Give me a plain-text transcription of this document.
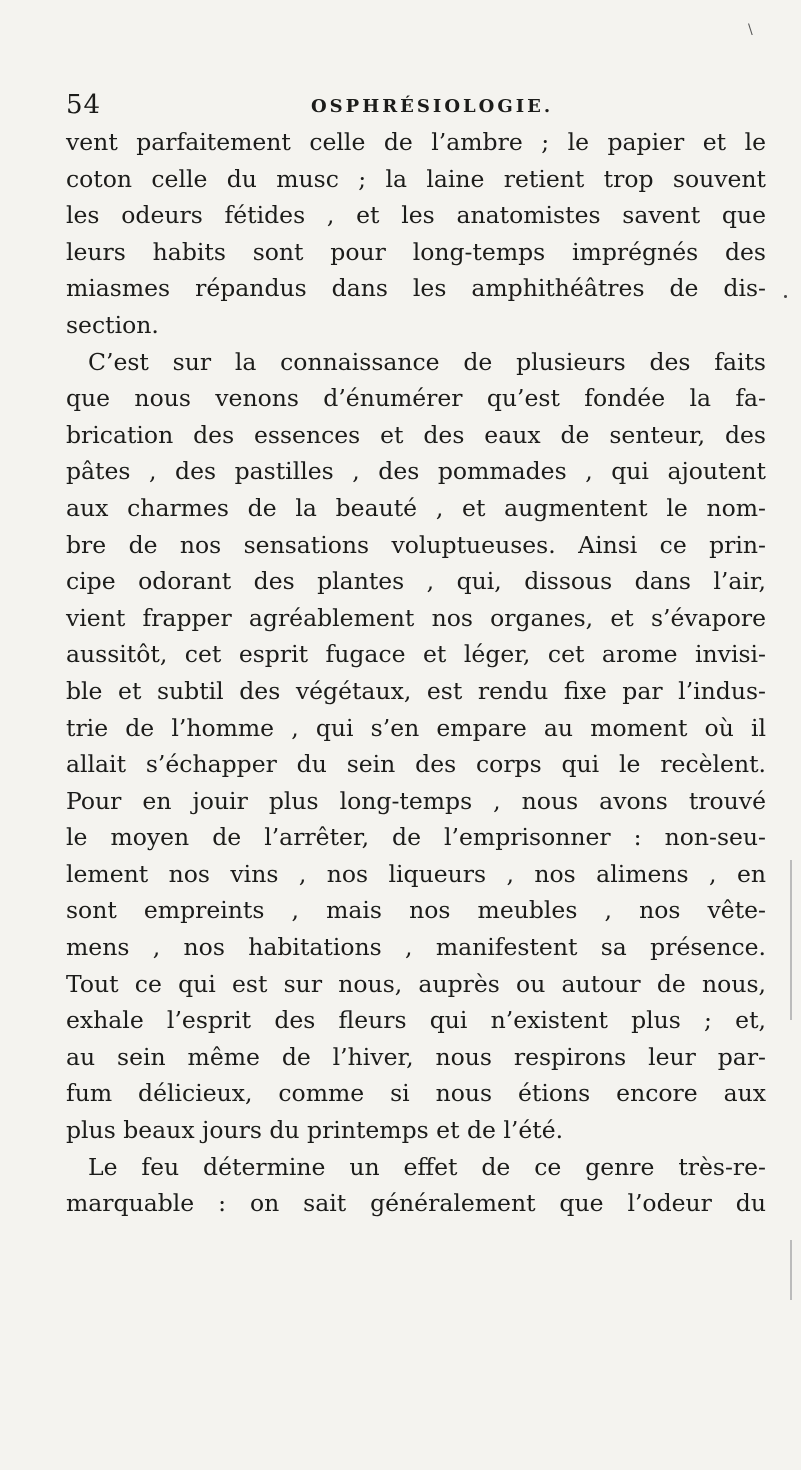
\
54	OSPHRÉSIOLOGIE.
vent parfaitement celle de l’ambre ; le papier et le
coton celle du musc ; la laine retient trop souvent
les odeurs fétides , et les anatomistes savent que
leurs habits sont pour long-temps imprégnés des
miasmes répandus dans les amphithéâtres de dis-
section.
C’est sur la connaissance de plusieurs des faits
que nous venons d’énumérer qu’est fondée la fa-
brication des essences et des eaux de senteur, des
pâtes , des pastilles , des pommades , qui ajoutent
aux charmes de la beauté , et augmentent le nom-
bre de nos sensations voluptueuses. Ainsi ce prin-
cipe odorant des plantes , qui, dissous dans l’air,
vient frapper agréablement nos organes, et s’évapore
aussitôt, cet esprit fugace et léger, cet arome invisi-
ble et subtil des végétaux, est rendu fixe par l’indus-
trie de l’homme , qui s’en empare au moment où il
allait s’échapper du sein des corps qui le recèlent.
Pour en jouir plus long-temps , nous avons trouvé
le moyen de l’arrêter, de l’emprisonner : non-seu-
lement nos vins , nos liqueurs , nos alimens , en
sont empreints , mais nos meubles , nos vête-
mens , nos habitations , manifestent sa présence.
Tout ce qui est sur nous, auprès ou autour de nous,
exhale l’esprit des fleurs qui n’existent plus ; et,
au sein même de l’hiver, nous respirons leur par-
fum délicieux, comme si nous étions encore aux
plus beaux jours du printemps et de l’été.
Le feu détermine un effet de ce genre très-re-
marquable : on sait généralement que l’odeur du
